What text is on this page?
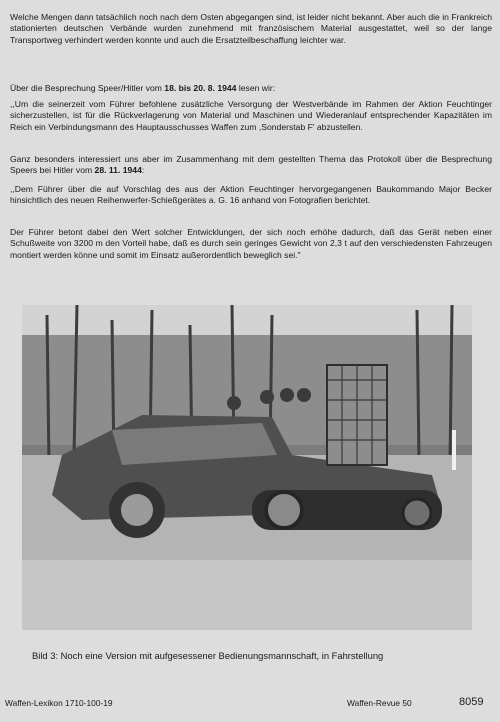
Welche Mengen dann tatsächlich noch nach dem Osten abgegangen sind, ist leider nicht bekannt. Aber auch die in Frankreich stationierten deutschen Verbände wurden zunehmend mit französischem Material ausgestattet, weil so der lange Transportweg verhindert werden konnte und auch die Ersatzteilbeschaffung leichter war.

Über die Besprechung Speer/Hitler vom 18. bis 20. 8. 1944 lesen wir:

,,Um die seinerzeit vom Führer befohlene zusätzliche Versorgung der Westverbände im Rahmen der Aktion Feuchtinger sicherzustellen, ist für die Rückverlagerung von Material und Maschinen und Wiederanlauf entsprechender Kapazitäten im Reich ein Verbindungsmann des Hauptausschusses Waffen zum ,Sonderstab F' abzustellen.

Ganz besonders interessiert uns aber im Zusammenhang mit dem gestellten Thema das Protokoll über die Besprechung Speers bei Hitler vom 28. 11. 1944:

,,Dem Führer über die auf Vorschlag des aus der Aktion Feuchtinger hervorgegangenen Baukommando Major Becker hinsichtlich des neuen Reihenwerfer-Schießgerätes a. G. 16 anhand von Fotografien berichtet.

Der Führer betont dabei den Wert solcher Entwicklungen, der sich noch erhöhe dadurch, daß das Gerät neben einer Schußweite von 3200 m den Vorteil habe, daß es durch sein geringes Gewicht von 2,3 t auf den verschiedensten Fahrzeugen montiert werden könne und somit im Einsatz außerordentlich beweglich sei."

Bild 3: Noch eine Version mit aufgesessener Bedienungsmannschaft, in Fahrstellung

Waffen-Lexikon 1710-100-19	Waffen-Revue 50	8059
